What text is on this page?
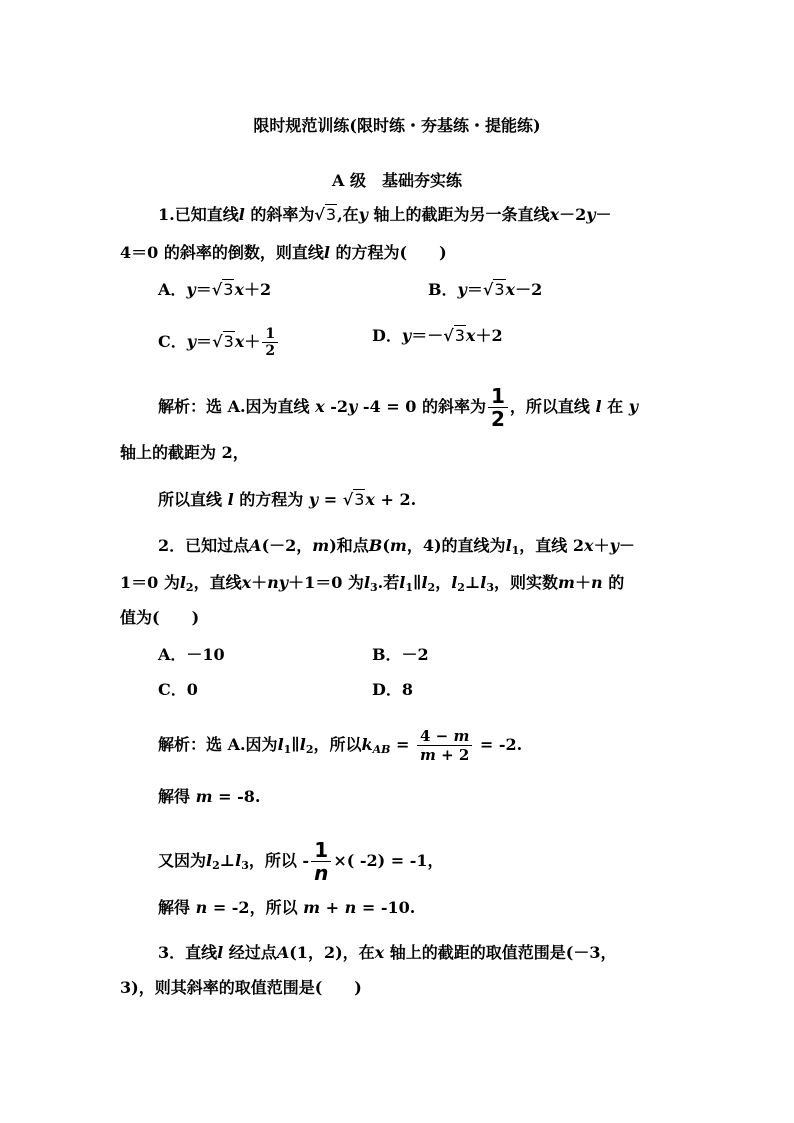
限时规范训练(限时练・夯基练・提能练)
A 级　基础夯实练
1.已知直线l 的斜率为√3,在y 轴上的截距为另一条直线x－2y－
4＝0 的斜率的倒数，则直线l 的方程为(　　)
A．y＝√3x＋2	B．y＝√3x－2
C．$y=√3x+ \frac{1}{2}$	D．y＝－√3x＋2
解析：选 A.因为直线 x -2y -4 = 0 的斜率为 $\frac{1}{2}$ ，所以直线 l 在 y
轴上的截距为 2，
所以直线 l 的方程为 y = √3x + 2.
2．已知过点A(－2，m)和点B(m，4)的直线为$l_1$，直线 2x＋y－
1＝0 为$l_2$，直线x＋ny＋1＝0 为$l_3$.若$l_1\parallel l_2$，$l_2\perp l_3$，则实数m＋n 的
值为(　　)
A．－10	B．－2
C．0	D．8
解析：选 A.因为$l_1\parallel l_2$，所以$k_{AB} = \frac{4 - m}{m + 2} = -2$.
解得 m = -8.
又因为$l_2\perp l_3$，所以 - $\frac{1}{n}$ ×( -2) = -1，
解得 n = -2，所以 m + n = -10.
3．直线l 经过点A(1，2)，在x 轴上的截距的取值范围是(－3，
3)，则其斜率的取值范围是(　　)
